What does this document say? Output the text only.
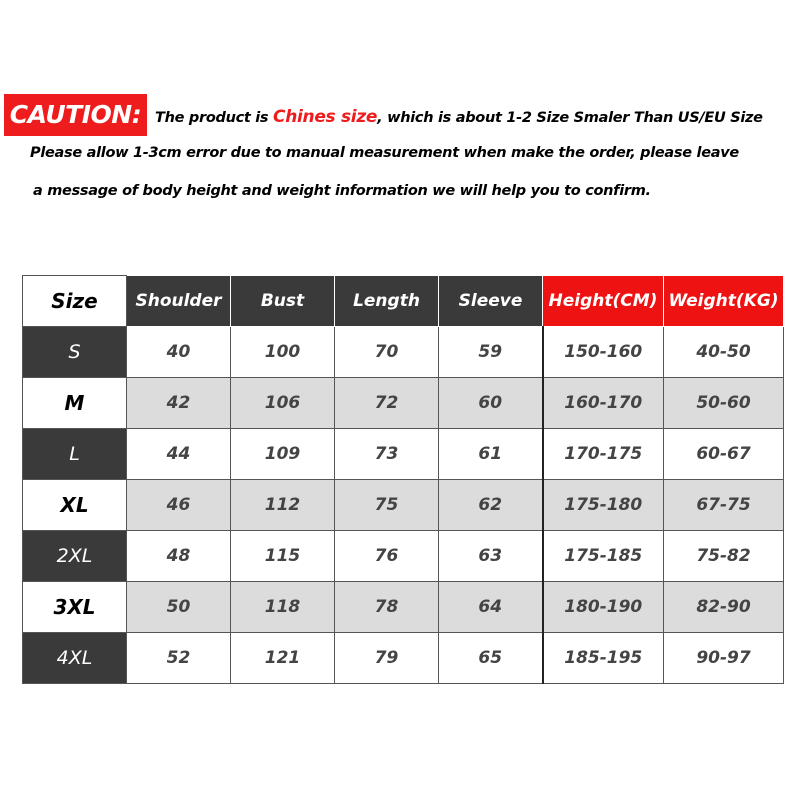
CAUTION: The product is Chines size, which is about 1-2 Size Smaler Than US/EU Size
Please allow 1-3cm error due to manual measurement when make the order, please leave
a message of body height and weight information we will help you to confirm.
Size	Shoulder	Bust	Length	Sleeve	Height(CM)	Weight(KG)
S	40	100	70	59	150-160	40-50
M	42	106	72	60	160-170	50-60
L	44	109	73	61	170-175	60-67
XL	46	112	75	62	175-180	67-75
2XL	48	115	76	63	175-185	75-82
3XL	50	118	78	64	180-190	82-90
4XL	52	121	79	65	185-195	90-97
